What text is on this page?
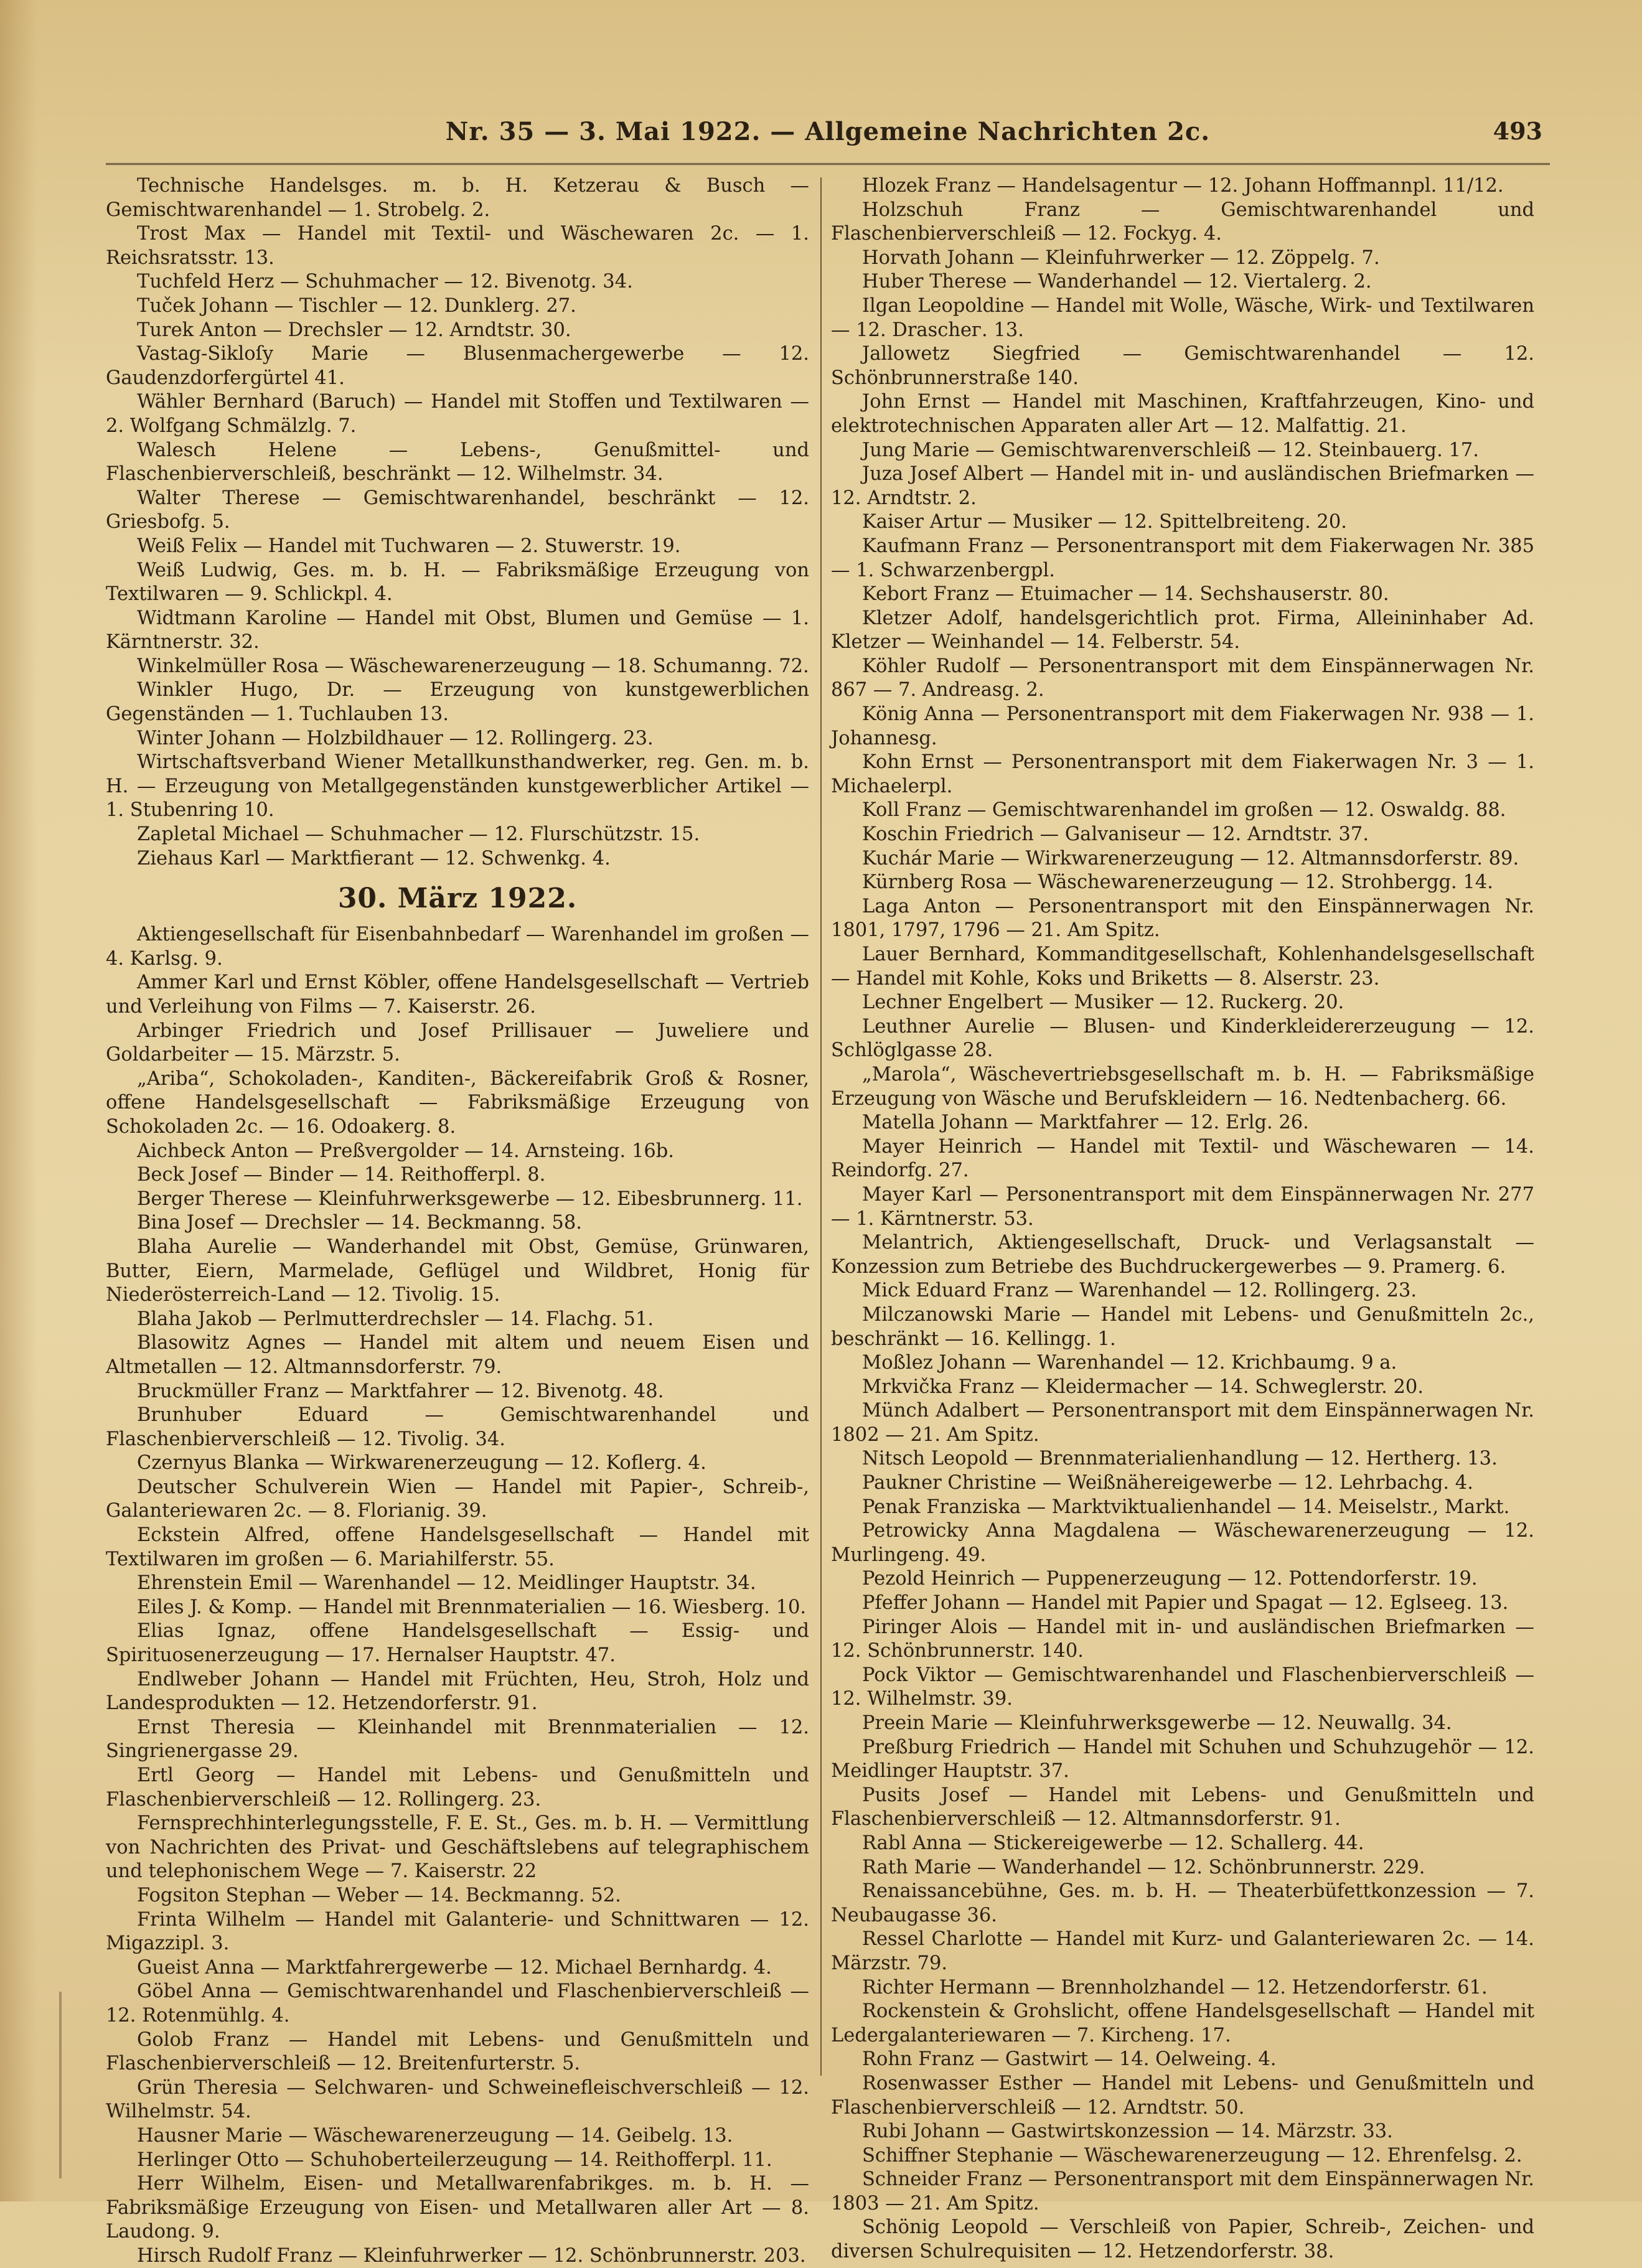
Nr. 35 — 3. Mai 1922. — Allgemeine Nachrichten 2c.	493

Technische Handelsges. m. b. H. Ketzerau & Busch — Gemischtwarenhandel — 1. Strobelg. 2.

Trost Max — Handel mit Textil- und Wäschewaren 2c. — 1. Reichsratsstr. 13.

Tuchfeld Herz — Schuhmacher — 12. Bivenotg. 34.

Tuček Johann — Tischler — 12. Dunklerg. 27.

Turek Anton — Drechsler — 12. Arndtstr. 30.

Vastag-Sikloſy Marie — Blusenmachergewerbe — 12. Gaudenzdorfergürtel 41.

Wähler Bernhard (Baruch) — Handel mit Stoffen und Textilwaren — 2. Wolfgang Schmälzlg. 7.

Walesch Helene — Lebens-, Genußmittel- und Flaschenbierverschleiß, beschränkt — 12. Wilhelmstr. 34.

Walter Therese — Gemischtwarenhandel, beschränkt — 12. Griesbofg. 5.

Weiß Felix — Handel mit Tuchwaren — 2. Stuwerstr. 19.

Weiß Ludwig, Ges. m. b. H. — Fabriksmäßige Erzeugung von Textilwaren — 9. Schlickpl. 4.

Widtmann Karoline — Handel mit Obst, Blumen und Gemüse — 1. Kärntnerstr. 32.

Winkelmüller Rosa — Wäschewarenerzeugung — 18. Schumanng. 72.

Winkler Hugo, Dr. — Erzeugung von kunstgewerblichen Gegenständen — 1. Tuchlauben 13.

Winter Johann — Holzbildhauer — 12. Rollingerg. 23.

Wirtschaftsverband Wiener Metallkunsthandwerker, reg. Gen. m. b. H. — Erzeugung von Metallgegenständen kunstgewerblicher Artikel — 1. Stubenring 10.

Zapletal Michael — Schuhmacher — 12. Flurschützstr. 15.

Ziehaus Karl — Marktfierant — 12. Schwenkg. 4.

30. März 1922.

Aktiengesellschaft für Eisenbahnbedarf — Warenhandel im großen — 4. Karlsg. 9.

Ammer Karl und Ernst Köbler, offene Handelsgesellschaft — Vertrieb und Verleihung von Films — 7. Kaiserstr. 26.

Arbinger Friedrich und Josef Prillisauer — Juweliere und Goldarbeiter — 15. Märzstr. 5.

„Ariba“, Schokoladen-, Kanditen-, Bäckereifabrik Groß & Rosner, offene Handelsgesellschaft — Fabriksmäßige Erzeugung von Schokoladen 2c. — 16. Odoakerg. 8.

Aichbeck Anton — Preßvergolder — 14. Arnsteing. 16b.

Beck Josef — Binder — 14. Reithofferpl. 8.

Berger Therese — Kleinfuhrwerksgewerbe — 12. Eibesbrunnerg. 11.

Bina Josef — Drechsler — 14. Beckmanng. 58.

Blaha Aurelie — Wanderhandel mit Obst, Gemüse, Grünwaren, Butter, Eiern, Marmelade, Geflügel und Wildbret, Honig für Niederösterreich-Land — 12. Tivolig. 15.

Blaha Jakob — Perlmutterdrechsler — 14. Flachg. 51.

Blasowitz Agnes — Handel mit altem und neuem Eisen und Altmetallen — 12. Altmannsdorferstr. 79.

Bruckmüller Franz — Marktfahrer — 12. Bivenotg. 48.

Brunhuber Eduard — Gemischtwarenhandel und Flaschenbierverschleiß — 12. Tivolig. 34.

Czernyus Blanka — Wirkwarenerzeugung — 12. Koflerg. 4.

Deutscher Schulverein Wien — Handel mit Papier-, Schreib-, Galanteriewaren 2c. — 8. Florianig. 39.

Eckstein Alfred, offene Handelsgesellschaft — Handel mit Textilwaren im großen — 6. Mariahilferstr. 55.

Ehrenstein Emil — Warenhandel — 12. Meidlinger Hauptstr. 34.

Eiles J. & Komp. — Handel mit Brennmaterialien — 16. Wiesberg. 10.

Elias Ignaz, offene Handelsgesellschaft — Essig- und Spirituosenerzeugung — 17. Hernalser Hauptstr. 47.

Endlweber Johann — Handel mit Früchten, Heu, Stroh, Holz und Landesprodukten — 12. Hetzendorferstr. 91.

Ernst Theresia — Kleinhandel mit Brennmaterialien — 12. Singrienergasse 29.

Ertl Georg — Handel mit Lebens- und Genußmitteln und Flaschenbierverschleiß — 12. Rollingerg. 23.

Fernsprechhinterlegungsstelle, F. E. St., Ges. m. b. H. — Vermittlung von Nachrichten des Privat- und Geschäftslebens auf telegraphischem und telephonischem Wege — 7. Kaiserstr. 22

Fogsiton Stephan — Weber — 14. Beckmanng. 52.

Frinta Wilhelm — Handel mit Galanterie- und Schnittwaren — 12. Migazzipl. 3.

Gueist Anna — Marktfahrergewerbe — 12. Michael Bernhardg. 4.

Göbel Anna — Gemischtwarenhandel und Flaschenbierverschleiß — 12. Rotenmühlg. 4.

Golob Franz — Handel mit Lebens- und Genußmitteln und Flaschenbierverschleiß — 12. Breitenfurterstr. 5.

Grün Theresia — Selchwaren- und Schweinefleischverschleiß — 12. Wilhelmstr. 54.

Hausner Marie — Wäschewarenerzeugung — 14. Geibelg. 13.

Herlinger Otto — Schuhoberteilerzeugung — 14. Reithofferpl. 11.

Herr Wilhelm, Eisen- und Metallwarenfabrikges. m. b. H. — Fabriksmäßige Erzeugung von Eisen- und Metallwaren aller Art — 8. Laudong. 9.

Hirsch Rudolf Franz — Kleinfuhrwerker — 12. Schönbrunnerstr. 203.

Hlozek Franz — Handelsagentur — 12. Johann Hoffmannpl. 11/12.

Holzschuh Franz — Gemischtwarenhandel und Flaschenbierverschleiß — 12. Fockyg. 4.

Horvath Johann — Kleinfuhrwerker — 12. Zöppelg. 7.

Huber Therese — Wanderhandel — 12. Viertalerg. 2.

Ilgan Leopoldine — Handel mit Wolle, Wäsche, Wirk- und Textilwaren — 12. Draschег. 13.

Jallowetz Siegfried — Gemischtwarenhandel — 12. Schönbrunnerstraße 140.

John Ernst — Handel mit Maschinen, Kraftfahrzeugen, Kino- und elektrotechnischen Apparaten aller Art — 12. Malfattig. 21.

Jung Marie — Gemischtwarenverschleiß — 12. Steinbauerg. 17.

Juza Josef Albert — Handel mit in- und ausländischen Briefmarken — 12. Arndtstr. 2.

Kaiser Artur — Musiker — 12. Spittelbreiteng. 20.

Kaufmann Franz — Personentransport mit dem Fiakerwagen Nr. 385 — 1. Schwarzenbergpl.

Kebort Franz — Etuimacher — 14. Sechshauserstr. 80.

Kletzer Adolf, handelsgerichtlich prot. Firma, Alleininhaber Ad. Kletzer — Weinhandel — 14. Felberstr. 54.

Köhler Rudolf — Personentransport mit dem Einspännerwagen Nr. 867 — 7. Andreasg. 2.

König Anna — Personentransport mit dem Fiakerwagen Nr. 938 — 1. Johannesg.

Kohn Ernst — Personentransport mit dem Fiakerwagen Nr. 3 — 1. Michaelerpl.

Koll Franz — Gemischtwarenhandel im großen — 12. Oswaldg. 88.

Koschin Friedrich — Galvaniseur — 12. Arndtstr. 37.

Kuchár Marie — Wirkwarenerzeugung — 12. Altmannsdorferstr. 89.

Kürnberg Rosa — Wäschewarenerzeugung — 12. Strohbergg. 14.

Laga Anton — Personentransport mit den Einspännerwagen Nr. 1801, 1797, 1796 — 21. Am Spitz.

Lauer Bernhard, Kommanditgesellschaft, Kohlenhandelsgesellschaft — Handel mit Kohle, Koks und Briketts — 8. Alserstr. 23.

Lechner Engelbert — Musiker — 12. Ruckerg. 20.

Leuthner Aurelie — Blusen- und Kinderkleidererzeugung — 12. Schlöglgasse 28.

„Marola“, Wäschevertriebsgesellschaft m. b. H. — Fabriksmäßige Erzeugung von Wäsche und Berufskleidern — 16. Nedtenbacherg. 66.

Matella Johann — Marktfahrer — 12. Erlg. 26.

Mayer Heinrich — Handel mit Textil- und Wäschewaren — 14. Reindorfg. 27.

Mayer Karl — Personentransport mit dem Einspännerwagen Nr. 277 — 1. Kärntnerstr. 53.

Melantrich, Aktiengesellschaft, Druck- und Verlagsanstalt — Konzession zum Betriebe des Buchdruckergewerbes — 9. Pramerg. 6.

Mick Eduard Franz — Warenhandel — 12. Rollingerg. 23.

Milczanowski Marie — Handel mit Lebens- und Genußmitteln 2c., beschränkt — 16. Kellingg. 1.

Moßlez Johann — Warenhandel — 12. Krichbaumg. 9 a.

Mrkvička Franz — Kleidermacher — 14. Schweglerstr. 20.

Münch Adalbert — Personentransport mit dem Einspännerwagen Nr. 1802 — 21. Am Spitz.

Nitsch Leopold — Brennmaterialienhandlung — 12. Hertherg. 13.

Paukner Christine — Weißnähereigewerbe — 12. Lehrbachg. 4.

Penak Franziska — Marktviktualienhandel — 14. Meiselstr., Markt.

Petrowicky Anna Magdalena — Wäschewarenerzeugung — 12. Murlingeng. 49.

Pezold Heinrich — Puppenerzeugung — 12. Pottendorferstr. 19.

Pfeffer Johann — Handel mit Papier und Spagat — 12. Eglseeg. 13.

Piringer Alois — Handel mit in- und ausländischen Briefmarken — 12. Schönbrunnerstr. 140.

Pock Viktor — Gemischtwarenhandel und Flaschenbierverschleiß — 12. Wilhelmstr. 39.

Preein Marie — Kleinfuhrwerksgewerbe — 12. Neuwallg. 34.

Preßburg Friedrich — Handel mit Schuhen und Schuhzugehör — 12. Meidlinger Hauptstr. 37.

Pusits Josef — Handel mit Lebens- und Genußmitteln und Flaschenbierverschleiß — 12. Altmannsdorferstr. 91.

Rabl Anna — Stickereigewerbe — 12. Schallerg. 44.

Rath Marie — Wanderhandel — 12. Schönbrunnerstr. 229.

Renaissancebühne, Ges. m. b. H. — Theaterbüfettkonzession — 7. Neubaugasse 36.

Ressel Charlotte — Handel mit Kurz- und Galanteriewaren 2c. — 14. Märzstr. 79.

Richter Hermann — Brennholzhandel — 12. Hetzendorferstr. 61.

Rockenstein & Grohslicht, offene Handelsgesellschaft — Handel mit Ledergalanteriewaren — 7. Kircheng. 17.

Rohn Franz — Gastwirt — 14. Oelweing. 4.

Rosenwasser Esther — Handel mit Lebens- und Genußmitteln und Flaschenbierverschleiß — 12. Arndtstr. 50.

Rubi Johann — Gastwirtskonzession — 14. Märzstr. 33.

Schiffner Stephanie — Wäschewarenerzeugung — 12. Ehrenfelsg. 2.

Schneider Franz — Personentransport mit dem Einspännerwagen Nr. 1803 — 21. Am Spitz.

Schönig Leopold — Verschleiß von Papier, Schreib-, Zeichen- und diversen Schulrequisiten — 12. Hetzendorferstr. 38.
